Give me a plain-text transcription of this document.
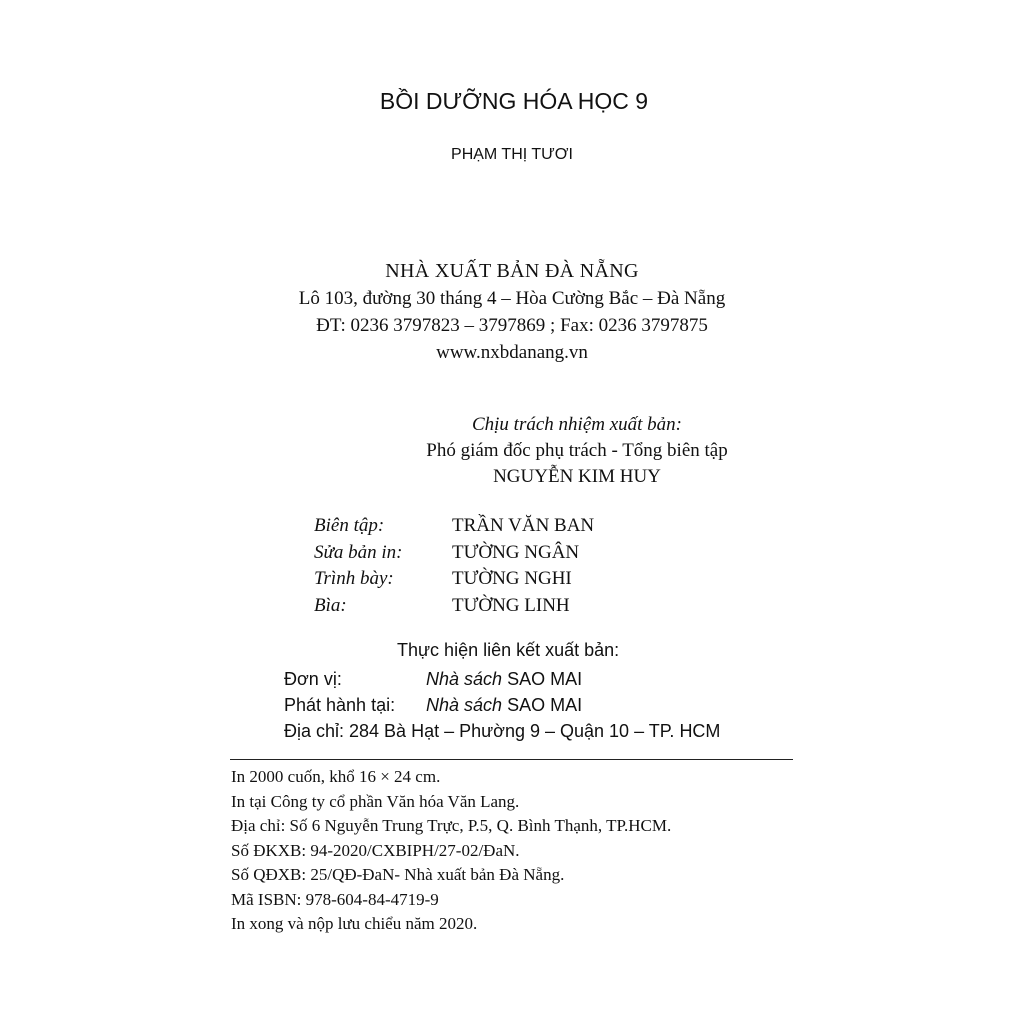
BỒI DƯỠNG HÓA HỌC 9
PHẠM THỊ TƯƠI
NHÀ XUẤT BẢN ĐÀ NẴNG
Lô 103, đường 30 tháng 4 – Hòa Cường Bắc – Đà Nẵng
ĐT: 0236 3797823 – 3797869 ; Fax: 0236 3797875
www.nxbdanang.vn
Chịu trách nhiệm xuất bản:
Phó giám đốc phụ trách - Tổng biên tập
NGUYỄN KIM HUY
Biên tập:	TRẦN VĂN BAN
Sửa bản in:	TƯỜNG NGÂN
Trình bày:	TƯỜNG NGHI
Bìa:	TƯỜNG LINH
Thực hiện liên kết xuất bản:
Đơn vị:	Nhà sách SAO MAI
Phát hành tại: Nhà sách SAO MAI
Địa chỉ: 284 Bà Hạt – Phường 9 – Quận 10 – TP. HCM
In 2000 cuốn, khổ 16 × 24 cm.
In tại Công ty cổ phần Văn hóa Văn Lang.
Địa chỉ: Số 6 Nguyễn Trung Trực, P.5, Q. Bình Thạnh, TP.HCM.
Số ĐKXB: 94-2020/CXBIPH/27-02/ĐaN.
Số QĐXB: 25/QĐ-ĐaN- Nhà xuất bản Đà Nẵng.
Mã ISBN: 978-604-84-4719-9
In xong và nộp lưu chiểu năm 2020.
